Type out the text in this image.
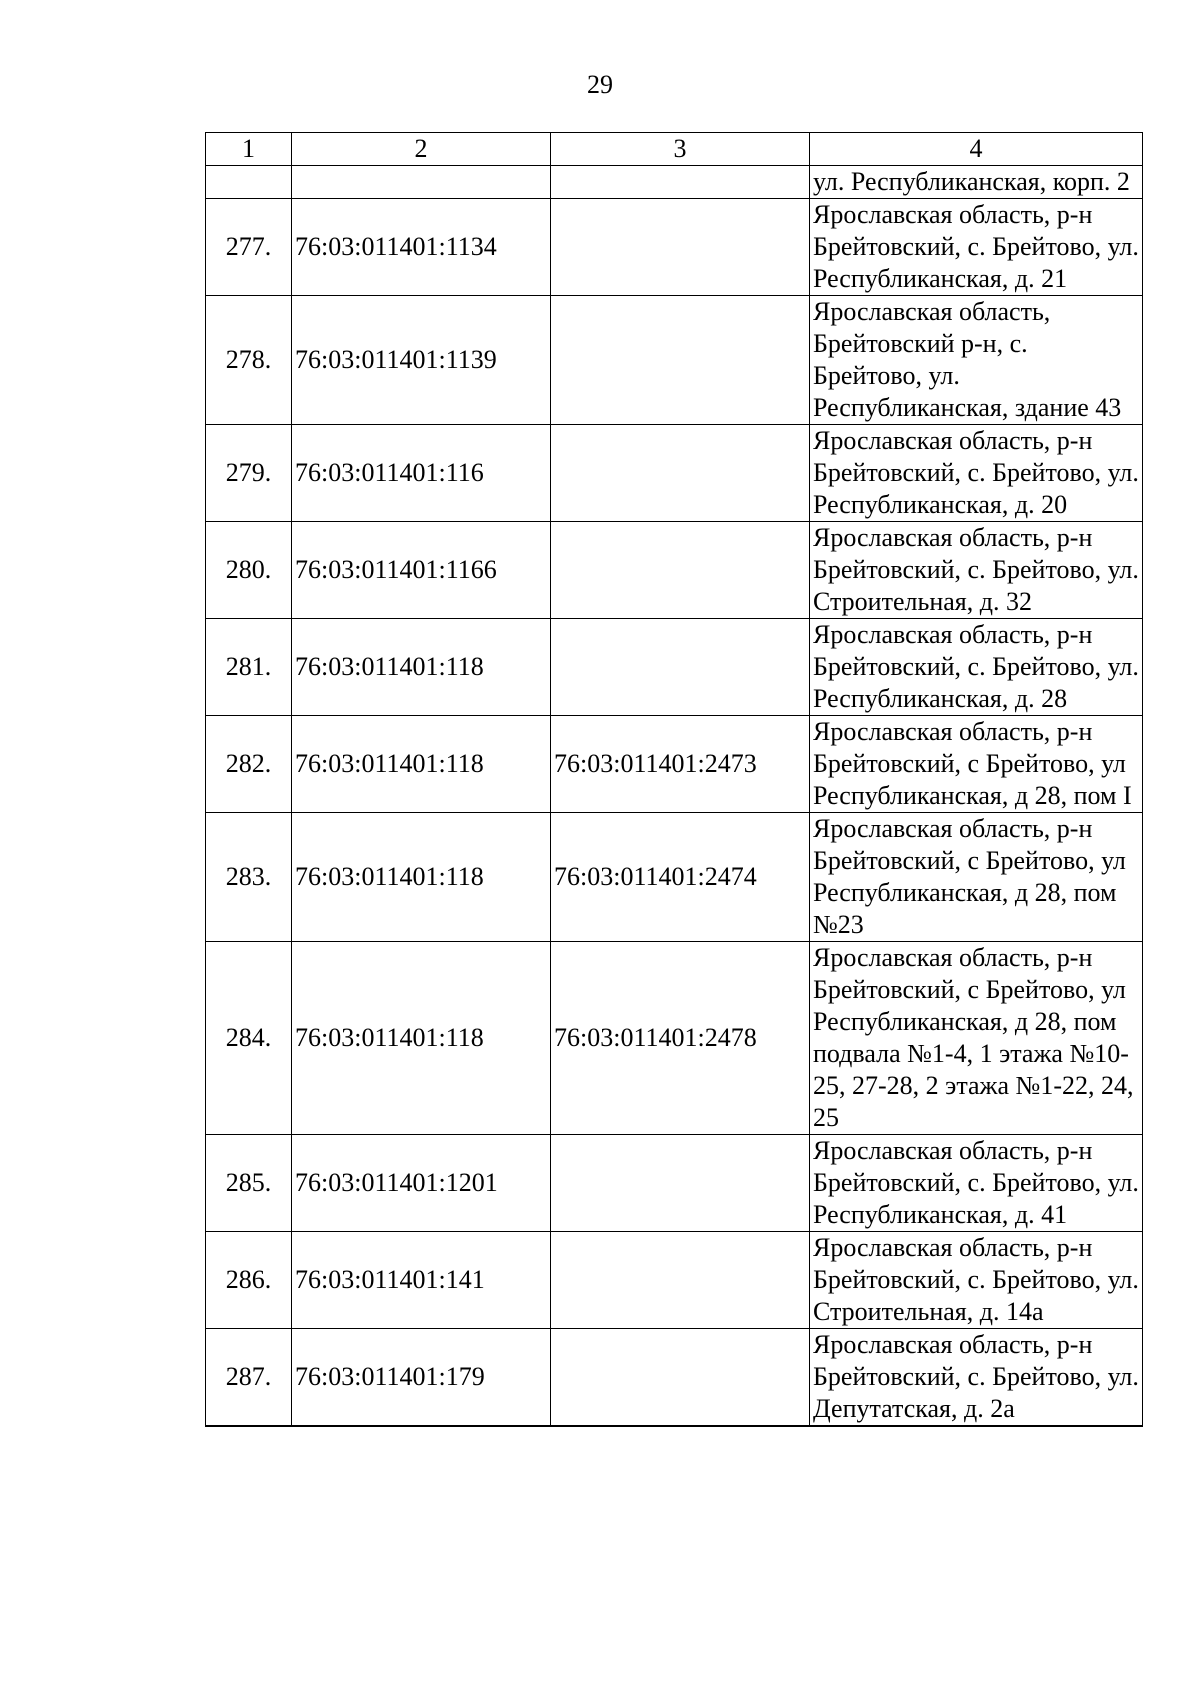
29
1	2	3	4
			ул. Республиканская, корп. 2
277.	76:03:011401:1134		Ярославская область, р-н Брейтовский, с. Брейтово, ул. Республиканская, д. 21
278.	76:03:011401:1139		Ярославская область, Брейтовский р-н, с. Брейтово, ул. Республиканская, здание 43
279.	76:03:011401:116		Ярославская область, р-н Брейтовский, с. Брейтово, ул. Республиканская, д. 20
280.	76:03:011401:1166		Ярославская область, р-н Брейтовский, с. Брейтово, ул. Строительная, д. 32
281.	76:03:011401:118		Ярославская область, р-н Брейтовский, с. Брейтово, ул. Республиканская, д. 28
282.	76:03:011401:118	76:03:011401:2473	Ярославская область, р-н Брейтовский, с Брейтово, ул Республиканская, д 28, пом I
283.	76:03:011401:118	76:03:011401:2474	Ярославская область, р-н Брейтовский, с Брейтово, ул Республиканская, д 28, пом №23
284.	76:03:011401:118	76:03:011401:2478	Ярославская область, р-н Брейтовский, с Брейтово, ул Республиканская, д 28, пом подвала №1-4, 1 этажа №10-25, 27-28, 2 этажа №1-22, 24, 25
285.	76:03:011401:1201		Ярославская область, р-н Брейтовский, с. Брейтово, ул. Республиканская, д. 41
286.	76:03:011401:141		Ярославская область, р-н Брейтовский, с. Брейтово, ул. Строительная, д. 14а
287.	76:03:011401:179		Ярославская область, р-н Брейтовский, с. Брейтово, ул. Депутатская, д. 2а
